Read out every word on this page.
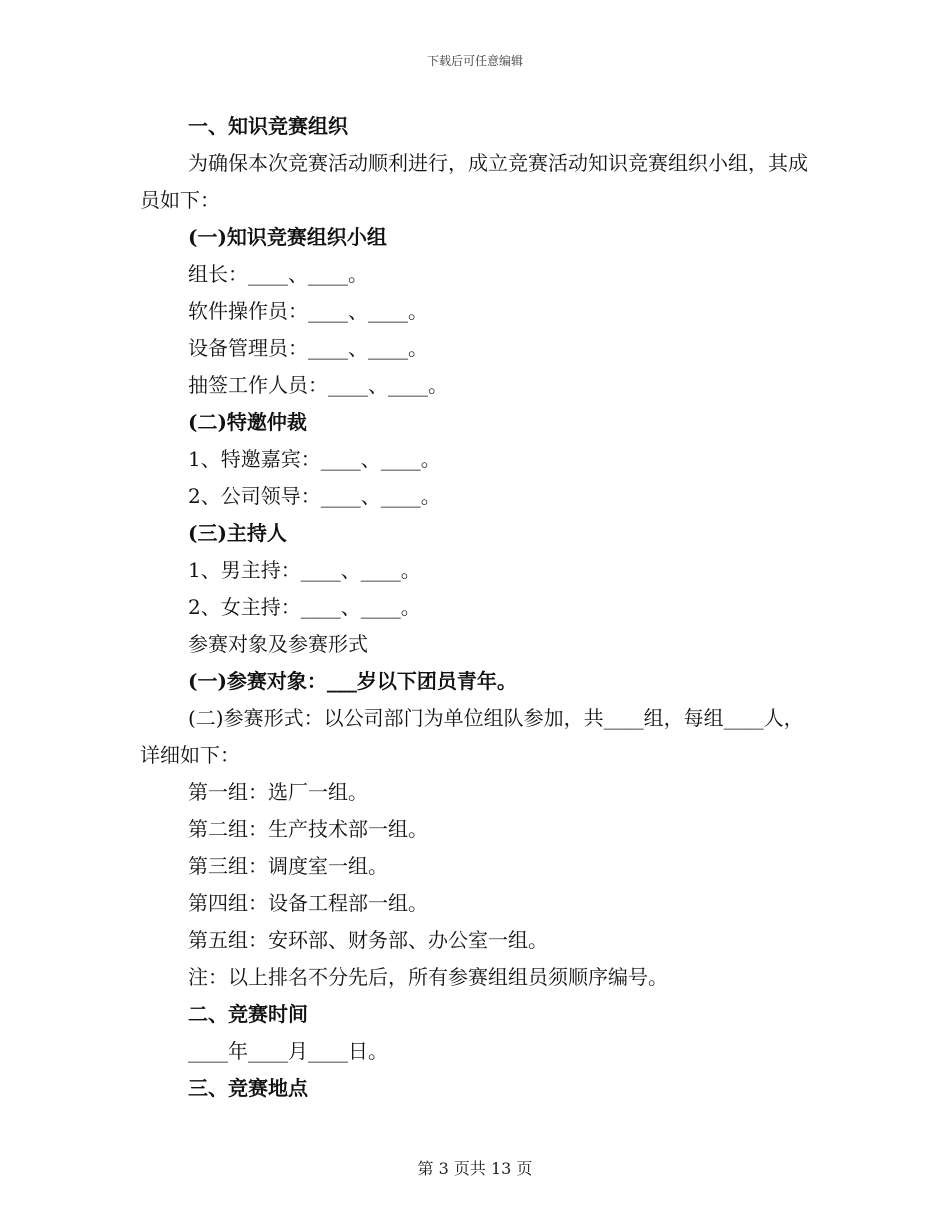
下载后可任意编辑
一、知识竞赛组织
为确保本次竞赛活动顺利进行，成立竞赛活动知识竞赛组织小组，其成员如下：
(一)知识竞赛组织小组
组长：____、____。
软件操作员：____、____。
设备管理员：____、____。
抽签工作人员：____、____。
(二)特邀仲裁
1、特邀嘉宾：____、____。
2、公司领导：____、____。
(三)主持人
1、男主持：____、____。
2、女主持：____、____。
参赛对象及参赛形式
(一)参赛对象：___岁以下团员青年。
(二)参赛形式：以公司部门为单位组队参加，共____组，每组____人，详细如下：
第一组：选厂一组。
第二组：生产技术部一组。
第三组：调度室一组。
第四组：设备工程部一组。
第五组：安环部、财务部、办公室一组。
注：以上排名不分先后，所有参赛组组员须顺序编号。
二、竞赛时间
____年____月____日。
三、竞赛地点
第 3 页共 13 页
